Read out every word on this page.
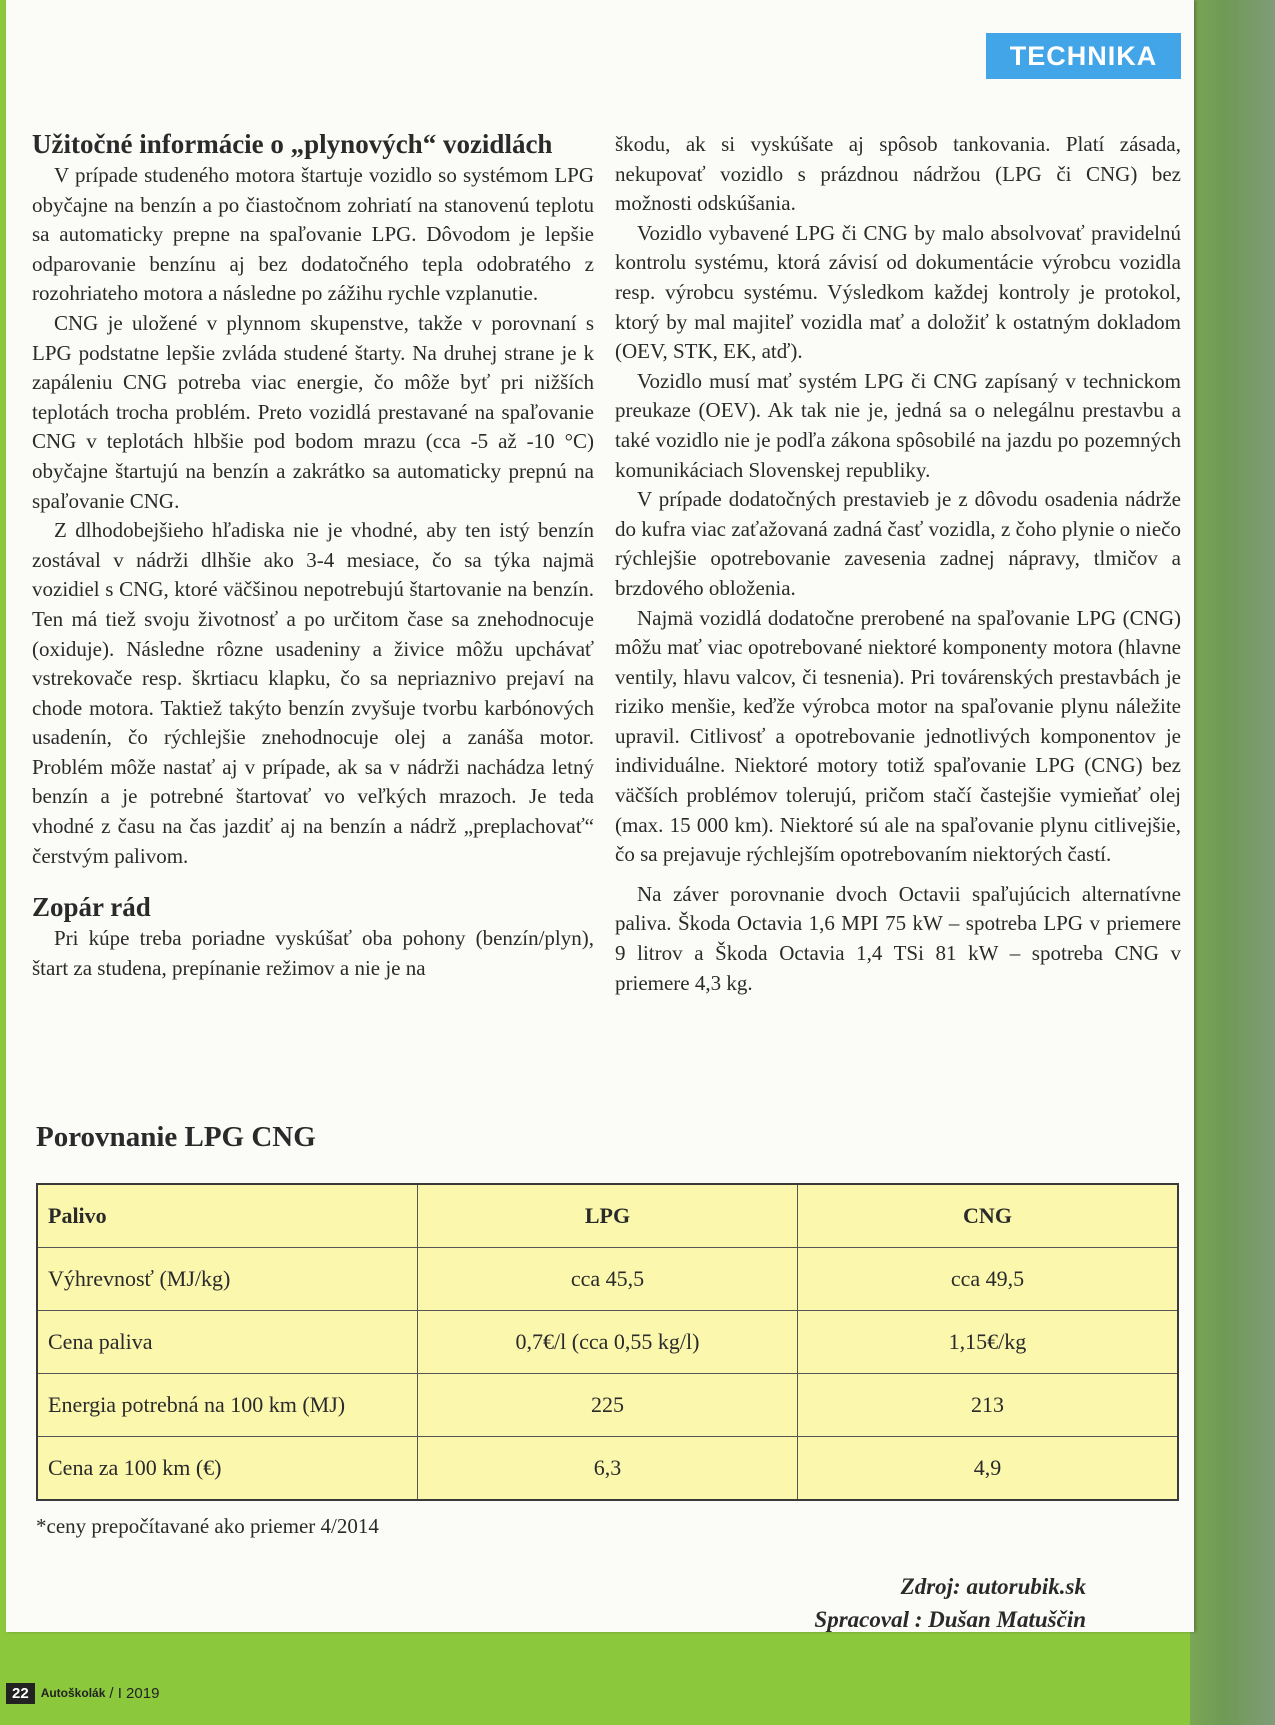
TECHNIKA
Užitočné informácie o „plynových“ vozidlách

V prípade studeného motora štartuje vozidlo so systémom LPG obyčajne na benzín a po čiastočnom zohriatí na stanovenú teplotu sa automaticky prepne na spaľovanie LPG. Dôvodom je lepšie odparovanie benzínu aj bez dodatočného tepla odobratého z rozohriateho motora a následne po zážihu rychle vzplanutie.

CNG je uložené v plynnom skupenstve, takže v porovnaní s LPG podstatne lepšie zvláda studené štarty. Na druhej strane je k zapáleniu CNG potreba viac energie, čo môže byť pri nižších teplotách trocha problém. Preto vozidlá prestavané na spaľovanie CNG v teplotách hlbšie pod bodom mrazu (cca -5 až -10 °C) obyčajne štartujú na benzín a zakrátko sa automaticky prepnú na spaľovanie CNG.

Z dlhodobejšieho hľadiska nie je vhodné, aby ten istý benzín zostával v nádrži dlhšie ako 3-4 mesiace, čo sa týka najmä vozidiel s CNG, ktoré väčšinou nepotrebujú štartovanie na benzín. Ten má tiež svoju životnosť a po určitom čase sa znehodnocuje (oxiduje). Následne rôzne usadeniny a živice môžu upchávať vstrekovače resp. škrtiacu klapku, čo sa nepriaznivo prejaví na chode motora. Taktiež takýto benzín zvyšuje tvorbu karbónových usadenín, čo rýchlejšie znehodnocuje olej a zanáša motor. Problém môže nastať aj v prípade, ak sa v nádrži nachádza letný benzín a je potrebné štartovať vo veľkých mrazoch. Je teda vhodné z času na čas jazdiť aj na benzín a nádrž „preplachovať“ čerstvým palivom.

Zopár rád

Pri kúpe treba poriadne vyskúšať oba pohony (benzín/plyn), štart za studena, prepínanie režimov a nie je na

škodu, ak si vyskúšate aj spôsob tankovania. Platí zásada, nekupovať vozidlo s prázdnou nádržou (LPG či CNG) bez možnosti odskúšania.

Vozidlo vybavené LPG či CNG by malo absolvovať pravidelnú kontrolu systému, ktorá závisí od dokumentácie výrobcu vozidla resp. výrobcu systému. Výsledkom každej kontroly je protokol, ktorý by mal majiteľ vozidla mať a doložiť k ostatným dokladom (OEV, STK, EK, atď).

Vozidlo musí mať systém LPG či CNG zapísaný v technickom preukaze (OEV). Ak tak nie je, jedná sa o nelegálnu prestavbu a také vozidlo nie je podľa zákona spôsobilé na jazdu po pozemných komunikáciach Slovenskej republiky.

V prípade dodatočných prestavieb je z dôvodu osadenia nádrže do kufra viac zaťažovaná zadná časť vozidla, z čoho plynie o niečo rýchlejšie opotrebovanie zavesenia zadnej nápravy, tlmičov a brzdového obloženia.

Najmä vozidlá dodatočne prerobené na spaľovanie LPG (CNG) môžu mať viac opotrebované niektoré komponenty motora (hlavne ventily, hlavu valcov, či tesnenia). Pri továrenských prestavbách je riziko menšie, keďže výrobca motor na spaľovanie plynu náležite upravil. Citlivosť a opotrebovanie jednotlivých komponentov je individuálne. Niektoré motory totiž spaľovanie LPG (CNG) bez väčších problémov tolerujú, pričom stačí častejšie vymieňať olej (max. 15 000 km). Niektoré sú ale na spaľovanie plynu citlivejšie, čo sa prejavuje rýchlejším opotrebovaním niektorých častí.

Na záver porovnanie dvoch Octavii spaľujúcich alternatívne paliva. Škoda Octavia 1,6 MPI 75 kW – spotreba LPG v priemere 9 litrov a Škoda Octavia 1,4 TSi 81 kW – spotreba CNG v priemere 4,3 kg.

Porovnanie LPG CNG
Palivo	LPG	CNG
Výhrevnosť (MJ/kg)	cca 45,5	cca 49,5
Cena paliva	0,7€/l (cca 0,55 kg/l)	1,15€/kg
Energia potrebná na 100 km (MJ)	225	213
Cena za 100 km (€)	6,3	4,9
*ceny prepočítavané ako priemer 4/2014
Zdroj: autorubik.sk
Spracoval : Dušan Matuščin
22	Autoškolák / I 2019
